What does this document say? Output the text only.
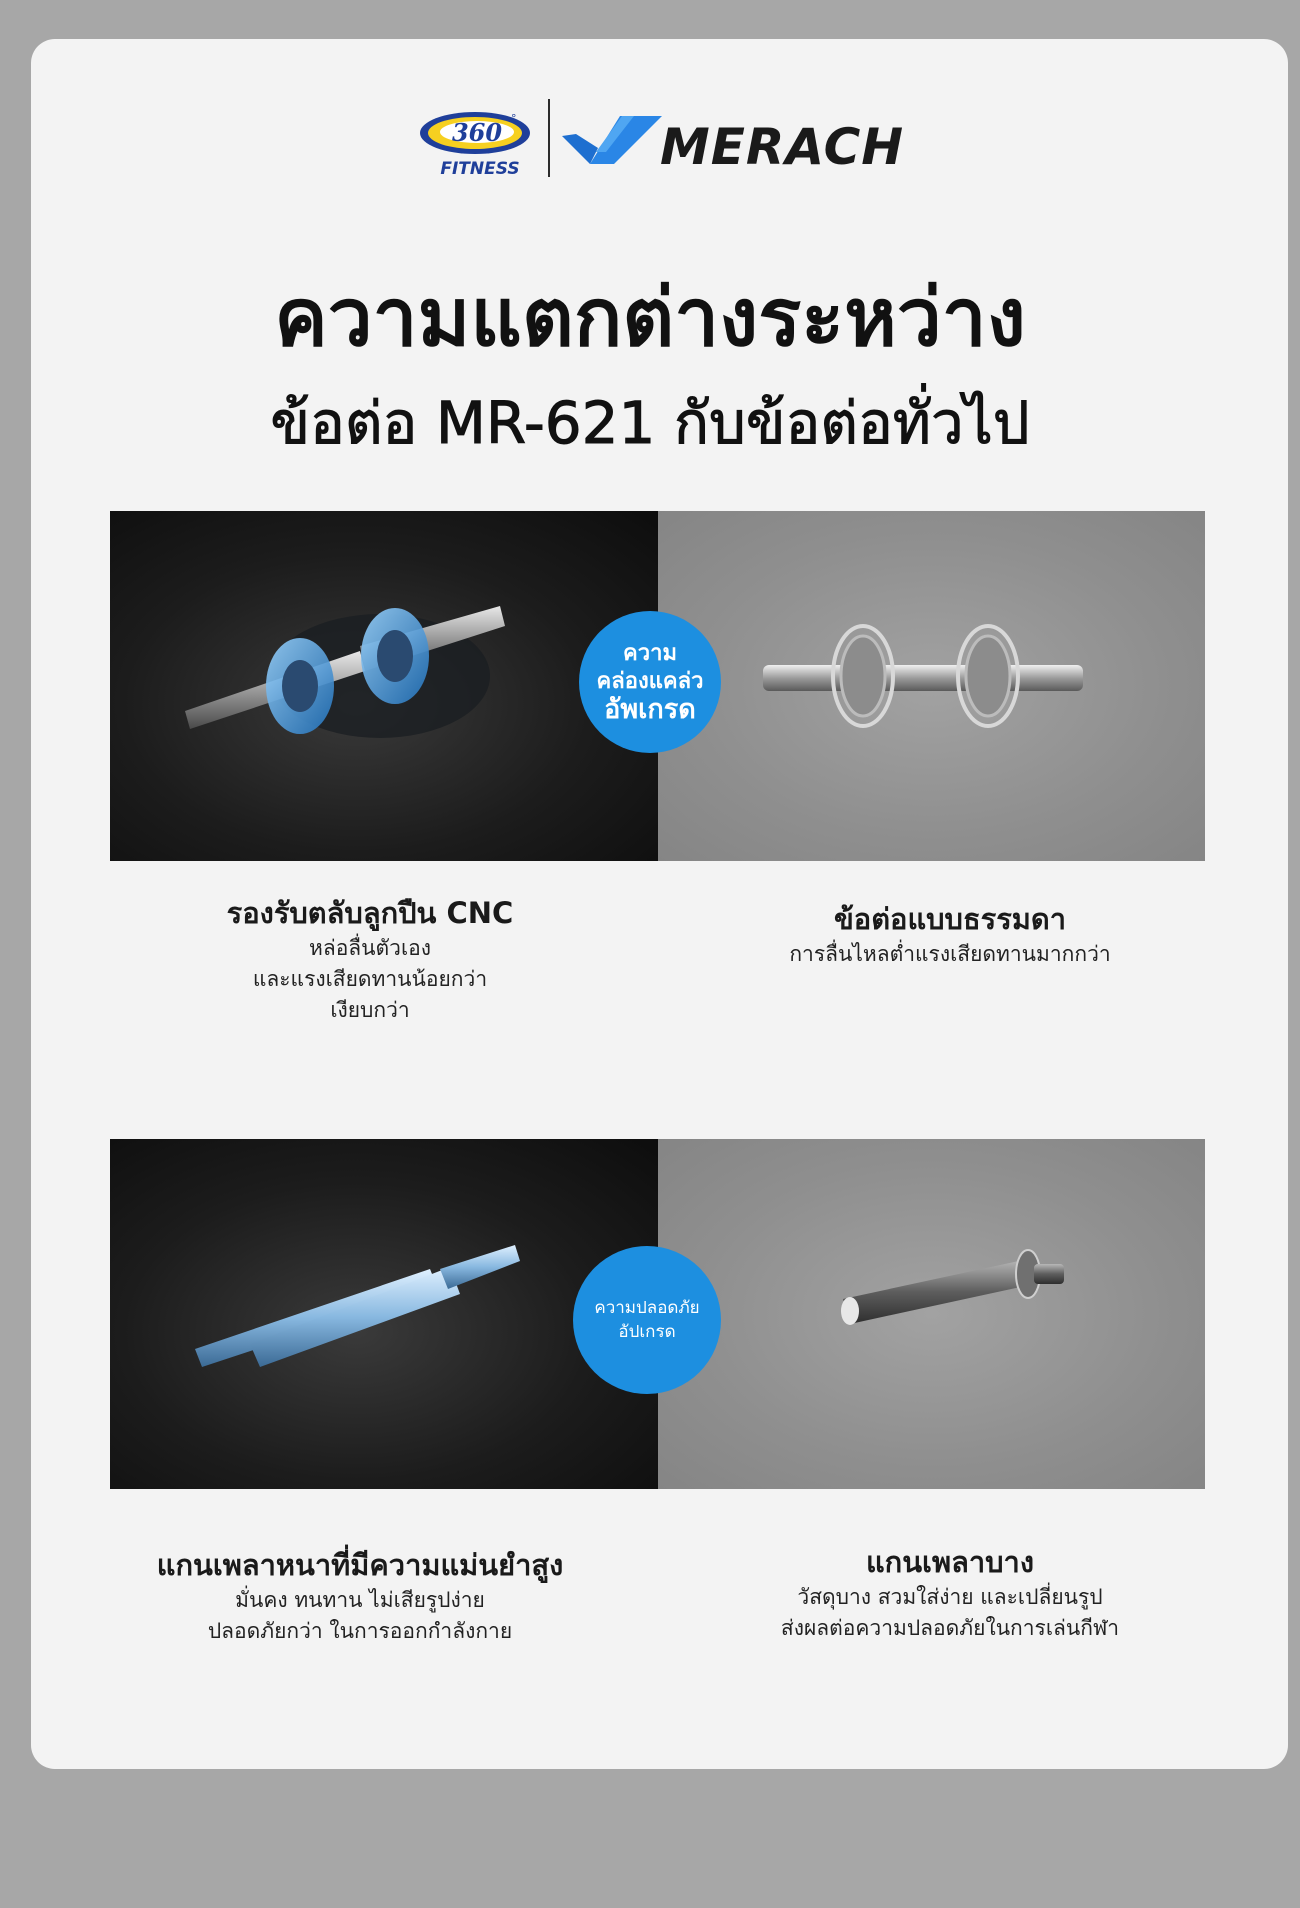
360 °
FITNESS	MERACH
ความแตกต่างระหว่าง
ข้อต่อ MR-621 กับข้อต่อทั่วไป
ความ
คล่องแคล่ว
อัพเกรด
รองรับตลับลูกปืน CNC
หล่อลื่นตัวเอง
และแรงเสียดทานน้อยกว่า
เงียบกว่า
ข้อต่อแบบธรรมดา
การลื่นไหลต่ำแรงเสียดทานมากกว่า
ความปลอดภัย
อัปเกรด
แกนเพลาหนาที่มีความแม่นยำสูง
มั่นคง ทนทาน ไม่เสียรูปง่าย
ปลอดภัยกว่า ในการออกกำลังกาย
แกนเพลาบาง
วัสดุบาง สวมใส่ง่าย และเปลี่ยนรูป
ส่งผลต่อความปลอดภัยในการเล่นกีฬา
